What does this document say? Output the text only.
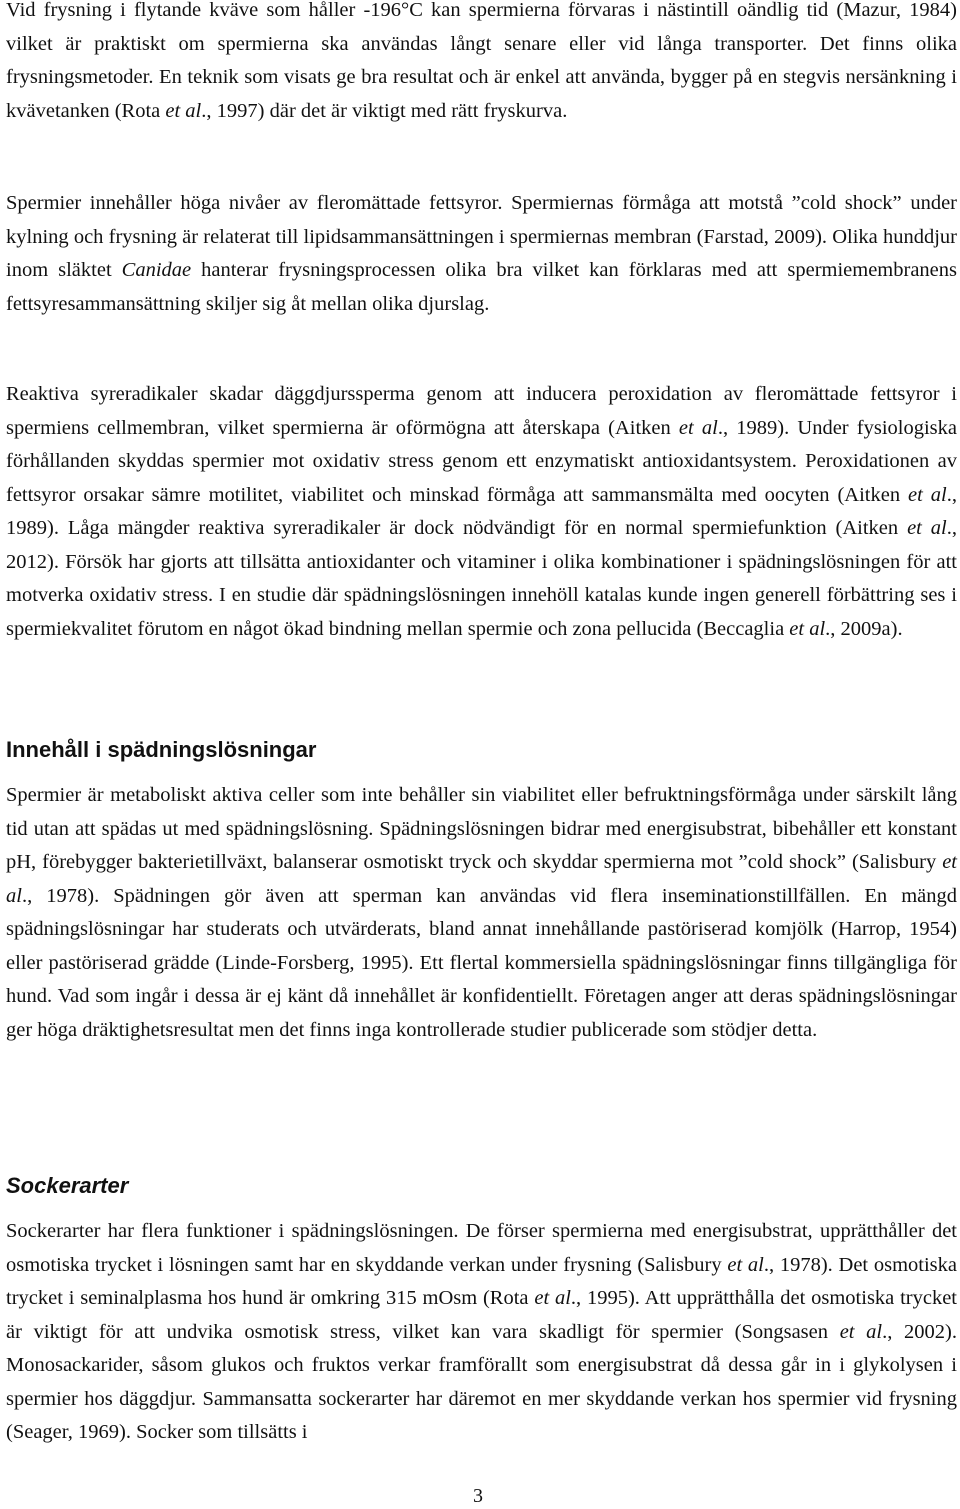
Vid frysning i flytande kväve som håller -196°C kan spermierna förvaras i nästintill oändlig tid (Mazur, 1984) vilket är praktiskt om spermierna ska användas långt senare eller vid långa transporter. Det finns olika frysningsmetoder. En teknik som visats ge bra resultat och är enkel att använda, bygger på en stegvis nersänkning i kvävetanken (Rota et al., 1997) där det är viktigt med rätt fryskurva.

Spermier innehåller höga nivåer av fleromättade fettsyror. Spermiernas förmåga att motstå ”cold shock” under kylning och frysning är relaterat till lipidsammansättningen i spermiernas membran (Farstad, 2009). Olika hunddjur inom släktet Canidae hanterar frysningsprocessen olika bra vilket kan förklaras med att spermiemembranens fettsyresammansättning skiljer sig åt mellan olika djurslag.

Reaktiva syreradikaler skadar däggdjurssperma genom att inducera peroxidation av fleromättade fettsyror i spermiens cellmembran, vilket spermierna är oförmögna att återskapa (Aitken et al., 1989). Under fysiologiska förhållanden skyddas spermier mot oxidativ stress genom ett enzymatiskt antioxidantsystem. Peroxidationen av fettsyror orsakar sämre motilitet, viabilitet och minskad förmåga att sammansmälta med oocyten (Aitken et al., 1989). Låga mängder reaktiva syreradikaler är dock nödvändigt för en normal spermiefunktion (Aitken et al., 2012). Försök har gjorts att tillsätta antioxidanter och vitaminer i olika kombinationer i spädningslösningen för att motverka oxidativ stress. I en studie där spädningslösningen innehöll katalas kunde ingen generell förbättring ses i spermiekvalitet förutom en något ökad bindning mellan spermie och zona pellucida (Beccaglia et al., 2009a).

Innehåll i spädningslösningar

Spermier är metaboliskt aktiva celler som inte behåller sin viabilitet eller befruktningsförmåga under särskilt lång tid utan att spädas ut med spädningslösning. Spädningslösningen bidrar med energisubstrat, bibehåller ett konstant pH, förebygger bakterietillväxt, balanserar osmotiskt tryck och skyddar spermierna mot ”cold shock” (Salisbury et al., 1978). Spädningen gör även att sperman kan användas vid flera inseminationstillfällen. En mängd spädningslösningar har studerats och utvärderats, bland annat innehållande pastöriserad komjölk (Harrop, 1954) eller pastöriserad grädde (Linde-Forsberg, 1995). Ett flertal kommersiella spädningslösningar finns tillgängliga för hund. Vad som ingår i dessa är ej känt då innehållet är konfidentiellt. Företagen anger att deras spädningslösningar ger höga dräktighetsresultat men det finns inga kontrollerade studier publicerade som stödjer detta.

Sockerarter

Sockerarter har flera funktioner i spädningslösningen. De förser spermierna med energisubstrat, upprätthåller det osmotiska trycket i lösningen samt har en skyddande verkan under frysning (Salisbury et al., 1978). Det osmotiska trycket i seminalplasma hos hund är omkring 315 mOsm (Rota et al., 1995). Att upprätthålla det osmotiska trycket är viktigt för att undvika osmotisk stress, vilket kan vara skadligt för spermier (Songsasen et al., 2002). Monosackarider, såsom glukos och fruktos verkar framförallt som energisubstrat då dessa går in i glykolysen i spermier hos däggdjur. Sammansatta sockerarter har däremot en mer skyddande verkan hos spermier vid frysning (Seager, 1969). Socker som tillsätts i

3
